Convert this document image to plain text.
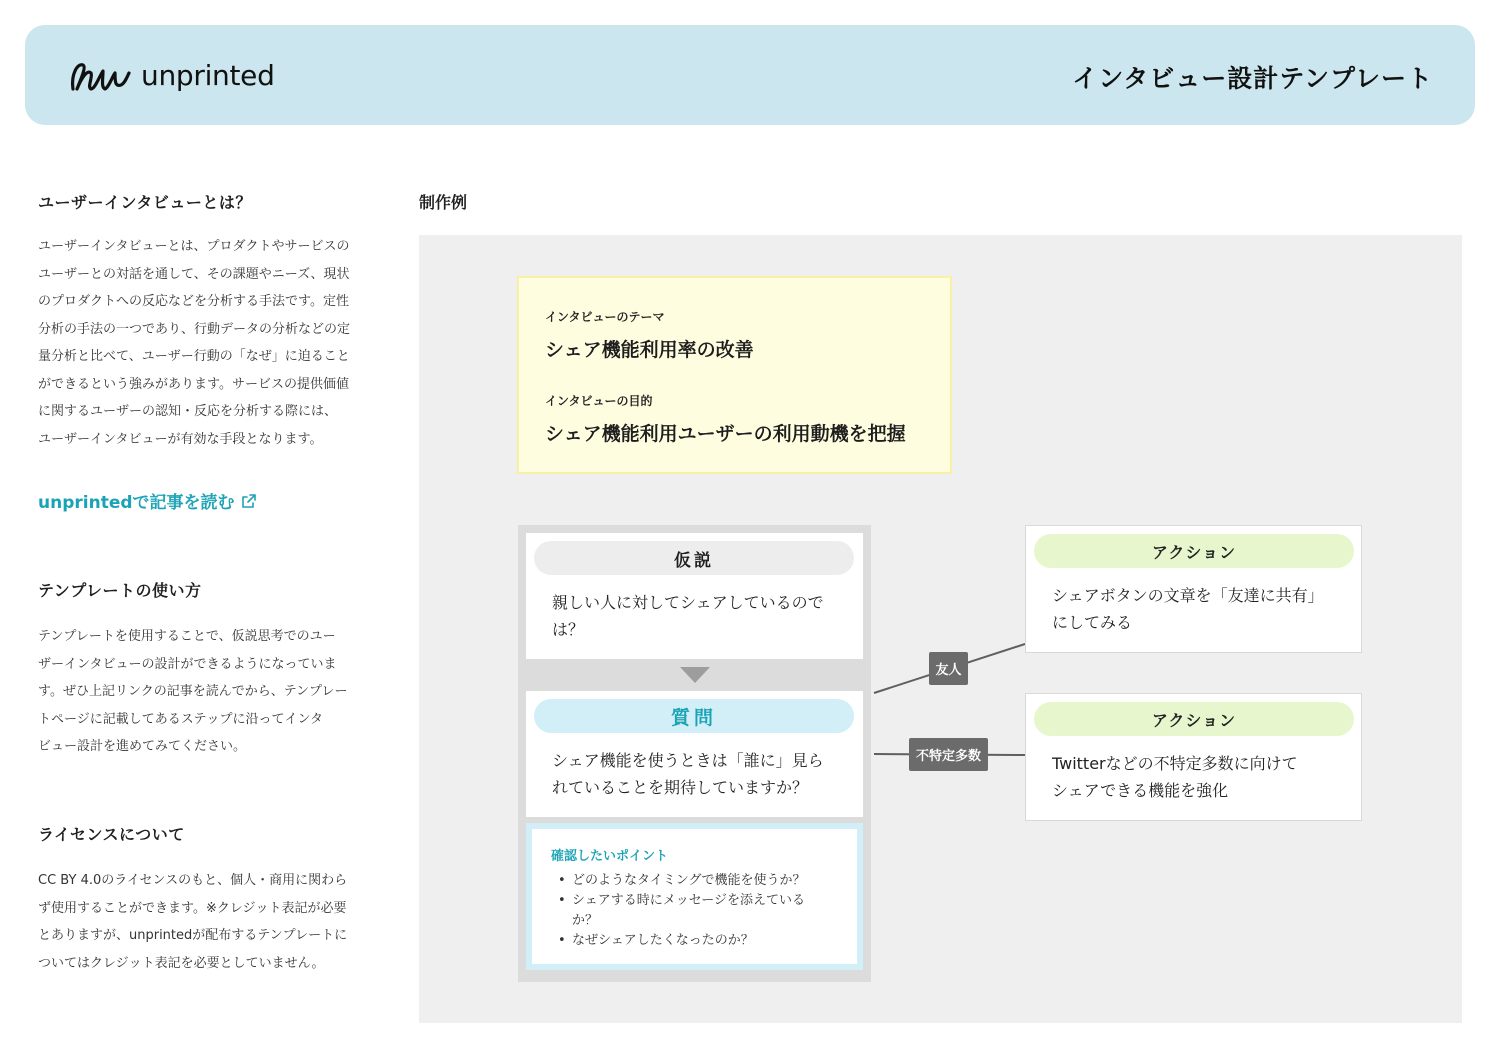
unprinted	インタビュー設計テンプレート
ユーザーインタビューとは？

ユーザーインタビューとは、プロダクトやサービスの
ユーザーとの対話を通して、その課題やニーズ、現状
のプロダクトへの反応などを分析する手法です。定性
分析の手法の一つであり、行動データの分析などの定
量分析と比べて、ユーザー行動の「なぜ」に迫ること
ができるという強みがあります。サービスの提供価値
に関するユーザーの認知・反応を分析する際には、
ユーザーインタビューが有効な手段となります。

unprintedで記事を読む
テンプレートの使い方

テンプレートを使用することで、仮説思考でのユー
ザーインタビューの設計ができるようになっていま
す。ぜひ上記リンクの記事を読んでから、テンプレー
トページに記載してあるステップに沿ってインタ
ビュー設計を進めてみてください。

ライセンスについて

CC BY 4.0のライセンスのもと、個人・商用に関わら
ず使用することができます。※クレジット表記が必要
とありますが、unprintedが配布するテンプレートに
ついてはクレジット表記を必要としていません。

制作例
インタビューのテーマ
シェア機能利用率の改善
インタビューの目的
シェア機能利用ユーザーの利用動機を把握
仮説
親しい人に対してシェアしているので
は？
質問
シェア機能を使うときは「誰に」見ら
れていることを期待していますか？
確認したいポイント
• どのようなタイミングで機能を使うか？
• シェアする時にメッセージを添えている
か？
• なぜシェアしたくなったのか？
友人
不特定多数
アクション
シェアボタンの文章を「友達に共有」
にしてみる
アクション
Twitterなどの不特定多数に向けて
シェアできる機能を強化
